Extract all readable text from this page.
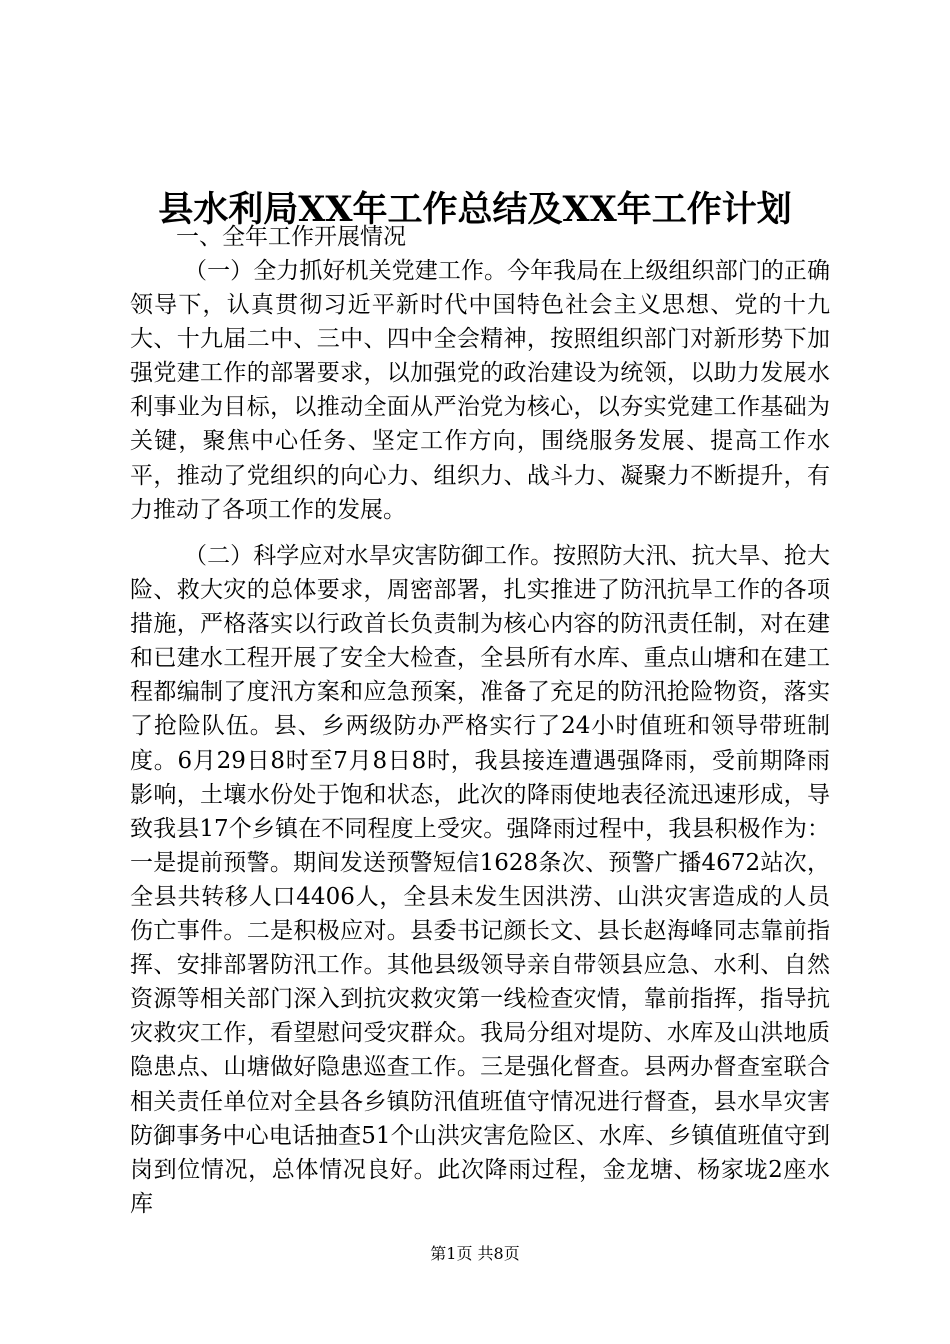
县水利局XX年工作总结及XX年工作计划
一、全年工作开展情况
（一）全力抓好机关党建工作。今年我局在上级组织部门的正确领导下，认真贯彻习近平新时代中国特色社会主义思想、党的十九大、十九届二中、三中、四中全会精神，按照组织部门对新形势下加强党建工作的部署要求，以加强党的政治建设为统领，以助力发展水利事业为目标，以推动全面从严治党为核心，以夯实党建工作基础为关键，聚焦中心任务、坚定工作方向，围绕服务发展、提高工作水平，推动了党组织的向心力、组织力、战斗力、凝聚力不断提升，有力推动了各项工作的发展。
（二）科学应对水旱灾害防御工作。按照防大汛、抗大旱、抢大险、救大灾的总体要求，周密部署，扎实推进了防汛抗旱工作的各项措施，严格落实以行政首长负责制为核心内容的防汛责任制，对在建和已建水工程开展了安全大检查，全县所有水库、重点山塘和在建工程都编制了度汛方案和应急预案，准备了充足的防汛抢险物资，落实了抢险队伍。县、乡两级防办严格实行了24小时值班和领导带班制度。6月29日8时至7月8日8时，我县接连遭遇强降雨，受前期降雨影响，土壤水份处于饱和状态，此次的降雨使地表径流迅速形成，导致我县17个乡镇在不同程度上受灾。强降雨过程中，我县积极作为：一是提前预警。期间发送预警短信1628条次、预警广播4672站次，全县共转移人口4406人，全县未发生因洪涝、山洪灾害造成的人员伤亡事件。二是积极应对。县委书记颜长文、县长赵海峰同志靠前指挥、安排部署防汛工作。其他县级领导亲自带领县应急、水利、自然资源等相关部门深入到抗灾救灾第一线检查灾情，靠前指挥，指导抗灾救灾工作，看望慰问受灾群众。我局分组对堤防、水库及山洪地质隐患点、山塘做好隐患巡查工作。三是强化督查。县两办督查室联合相关责任单位对全县各乡镇防汛值班值守情况进行督查，县水旱灾害防御事务中心电话抽查51个山洪灾害危险区、水库、乡镇值班值守到岗到位情况，总体情况良好。此次降雨过程，金龙塘、杨家垅2座水库
第1页 共8页
